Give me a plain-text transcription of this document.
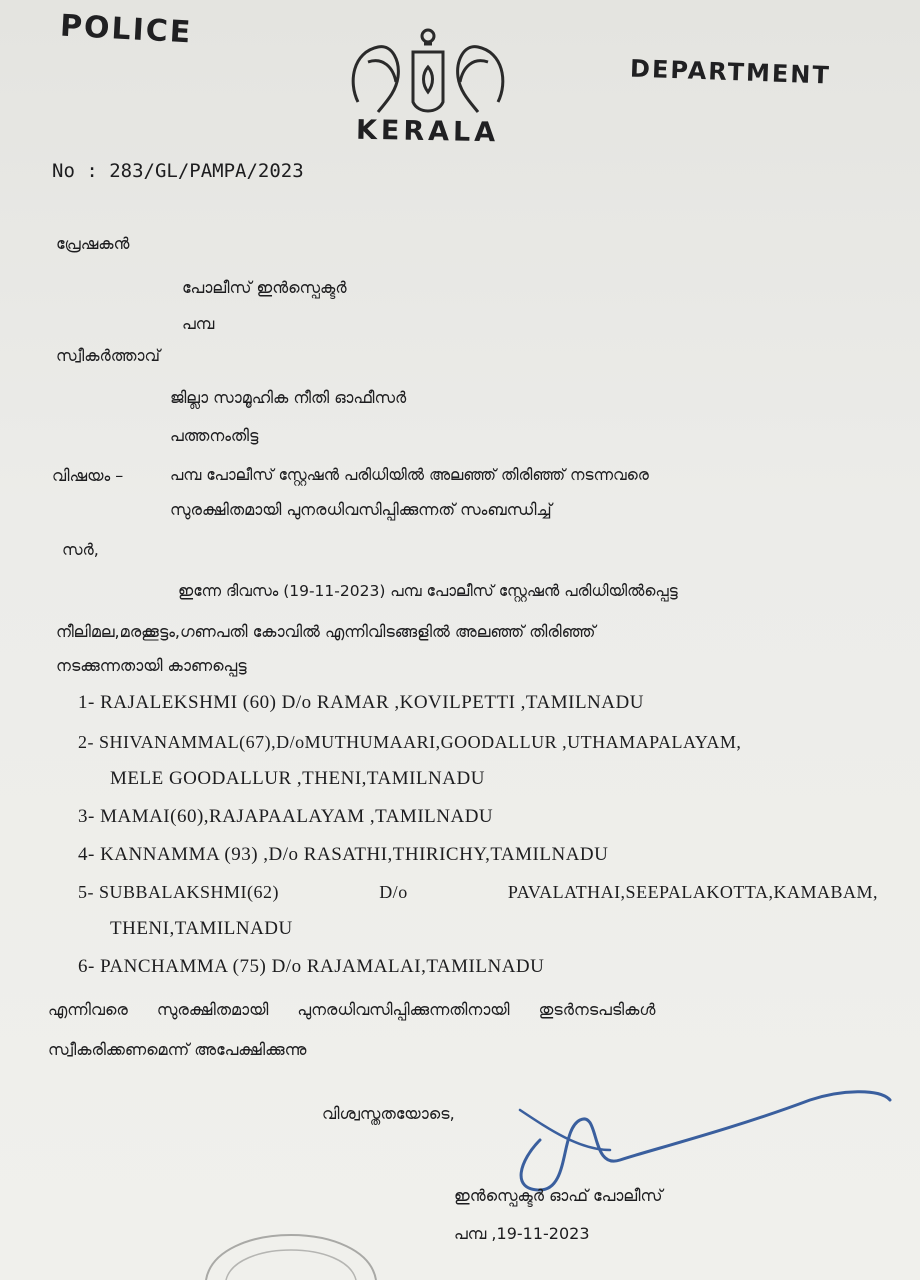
POLICE
DEPARTMENT
KERALA
No : 283/GL/PAMPA/2023
പ്രേഷകൻ
പോലീസ് ഇൻസ്പെക്ടർ
പമ്പ
സ്വീകർത്താവ്
ജില്ലാ സാമൂഹിക നീതി ഓഫീസർ
പത്തനംതിട്ട
വിഷയം –	പമ്പ പോലീസ് സ്റ്റേഷൻ പരിധിയിൽ അലഞ്ഞ് തിരിഞ്ഞ് നടന്നവരെ
സുരക്ഷിതമായി പുനരധിവസിപ്പിക്കുന്നത് സംബന്ധിച്ച്
സർ,
ഇന്നേ ദിവസം (19-11-2023) പമ്പ പോലീസ് സ്റ്റേഷൻ പരിധിയിൽപ്പെട്ട
നീലിമല,മരക്കൂട്ടം,ഗണപതി കോവിൽ എന്നിവിടങ്ങളിൽ അലഞ്ഞ് തിരിഞ്ഞ്
നടക്കുന്നതായി കാണപ്പെട്ട
1- RAJALEKSHMI (60) D/o RAMAR ,KOVILPETTI ,TAMILNADU
2- SHIVANAMMAL(67),D/oMUTHUMAARI,GOODALLUR ,UTHAMAPALAYAM,
MELE GOODALLUR ,THENI,TAMILNADU
3- MAMAI(60),RAJAPAALAYAM ,TAMILNADU
4- KANNAMMA (93) ,D/o RASATHI,THIRICHY,TAMILNADU
5- SUBBALAKSHMI(62)	D/o	PAVALATHAI,SEEPALAKOTTA,KAMABAM,
THENI,TAMILNADU
6- PANCHAMMA (75) D/o RAJAMALAI,TAMILNADU
എന്നിവരെ സുരക്ഷിതമായി പുനരധിവസിപ്പിക്കുന്നതിനായി തുടർനടപടികൾ
സ്വീകരിക്കണമെന്ന് അപേക്ഷിക്കുന്നു
വിശ്വസ്തതയോടെ,
ഇൻസ്പെക്ടർ ഓഫ് പോലീസ്
പമ്പ ,19-11-2023
